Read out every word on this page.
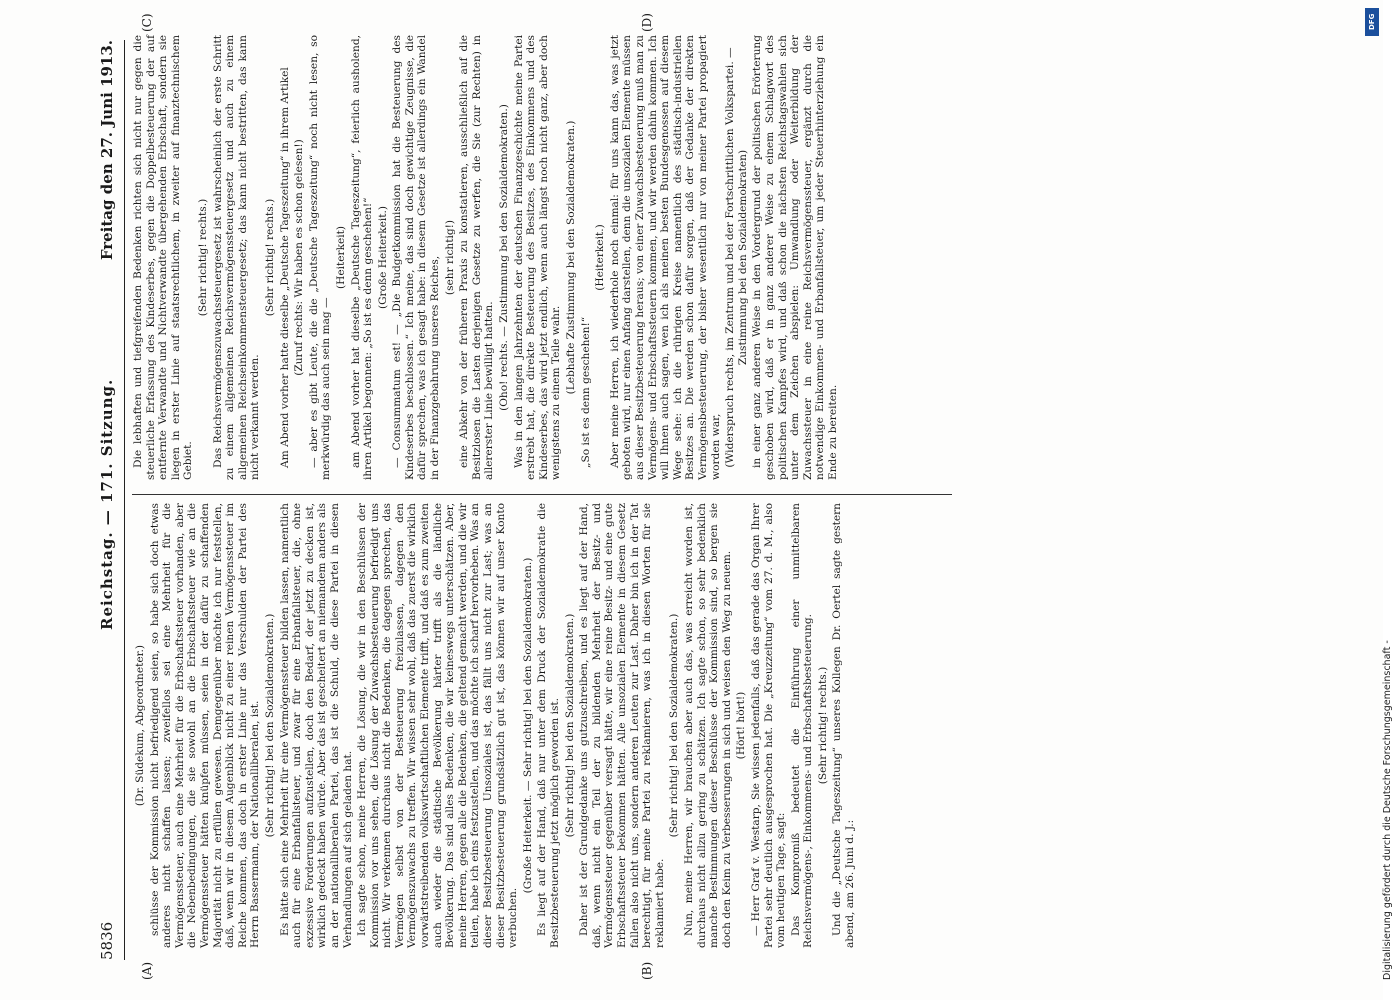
5836
Reichstag. — 171. Sitzung.
Freitag den 27. Juni 1913.
(A)	(B)
(C)	(D)

(Dr. Südekum, Abgeordneter.) schlüsse der Kommission nicht befriedigend seien, so habe sich doch etwas anderes nicht schaffen lassen; zweifellos sei eine Mehrheit für die Vermögenssteuer, auch eine Mehrheit für die Erbschaftssteuer vorhanden, aber die Nebenbedingungen, die sie sowohl an die Erbschaftssteuer wie an die Vermögenssteuer hätten knüpfen müssen, seien in der dafür zu schaffenden Majorität nicht zu erfüllen gewesen. Demgegenüber möchte ich nur feststellen, daß, wenn wir in diesem Augenblick nicht zu einer reinen Vermögenssteuer im Reiche kommen, das doch in erster Linie nur das Verschulden der Partei des Herrn Bassermann, der Nationalliberalen, ist. (Sehr richtig! bei den Sozialdemokraten.) Es hätte sich eine Mehrheit für eine Vermögenssteuer bilden lassen, namentlich auch für eine Erbanfallsteuer, und zwar für eine Erbanfallsteuer, die, ohne exzessive Forderungen aufzustellen, doch den Bedarf, der jetzt zu decken ist, wirklich gedeckt haben würde. Aber das ist gescheitert an niemandem anders als an der nationalliberalen Partei, das ist die Schuld, die diese Partei in diesen Verhandlungen auf sich geladen hat. Ich sagte schon, meine Herren, die Lösung, die wir in den Beschlüssen der Kommission vor uns sehen, die Lösung der Zuwachsbesteuerung befriedigt uns nicht. Wir verkennen durchaus nicht die Bedenken, die dagegen sprechen, das Vermögen selbst von der Besteuerung freizulassen, dagegen den Vermögenszuwachs zu treffen. Wir wissen sehr wohl, daß das zuerst die wirklich vorwärtstreibenden volkswirtschaftlichen Elemente trifft, und daß es zum zweiten auch wieder die städtische Bevölkerung härter trifft als die ländliche Bevölkerung. Das sind alles Bedenken, die wir keineswegs unterschätzen. Aber, meine Herren, gegen alle die Bedenken, die geltend gemacht werden, und die wir teilen, habe ich eins festzustellen, und das möchte ich scharf hervorheben. Was an dieser Besitzbesteuerung Unsoziales ist, das fällt uns nicht zur Last; was an dieser Besitzbesteuerung grundsätzlich gut ist, das können wir auf unser Konto verbuchen.

(Große Heiterkeit. — Sehr richtig! bei den Sozialdemokraten.) Es liegt auf der Hand, daß nur unter dem Druck der Sozialdemokratie die Besitzbesteuerung jetzt möglich geworden ist. (Sehr richtig! bei den Sozialdemokraten.) Daher ist der Grundgedanke uns gutzuschreiben, und es liegt auf der Hand, daß, wenn nicht ein Teil der zu bildenden Mehrheit der Besitz- und Vermögenssteuer gegenüber versagt hätte, wir eine reine Besitz- und eine gute Erbschaftssteuer bekommen hätten. Alle unsozialen Elemente in diesem Gesetz fallen also nicht uns, sondern anderen Leuten zur Last. Daher bin ich in der Tat berechtigt, für meine Partei zu reklamieren, was ich in diesen Worten für sie reklamiert habe.

(Sehr richtig! bei den Sozialdemokraten.) Nun, meine Herren, wir brauchen aber auch das, was erreicht worden ist, durchaus nicht allzu gering zu schätzen. Ich sagte schon, so sehr bedenklich manche Bestimmungen dieser Beschlüsse der Kommission sind, so bergen sie doch den Keim zu Verbesserungen in sich und weisen den Weg zu neuem. (Hört! hört!) — Herr Graf v. Westarp, Sie wissen jedenfalls, daß das gerade das Organ Ihrer Partei sehr deutlich ausgesprochen hat. Die „Kreuzzeitung“ vom 27. d. M., also vom heutigen Tage, sagt: Das Kompromiß bedeutet die Einführung einer unmittelbaren Reichsvermögens-, Einkommens- und Erbschaftsbesteuerung. (Sehr richtig! rechts.) Und die „Deutsche Tageszeitung“ unseres Kollegen Dr. Oertel sagte gestern abend, am 26. Juni d. J.:

Die lebhaften und tiefgreifenden Bedenken richten sich nicht nur gegen die steuerliche Erfassung des Kindeserbes, gegen die Doppelbesteuerung der auf entfernte Verwandte und Nichtverwandte übergehenden Erbschaft, sondern sie liegen in erster Linie auf staatsrechtlichem, in zweiter auf finanztechnischem Gebiet.

(Sehr richtig! rechts.) Das Reichsvermögenszuwachssteuergesetz ist wahrscheinlich der erste Schritt zu einem allgemeinen Reichsvermögenssteuergesetz und auch zu einem allgemeinen Reichseinkommensteuergesetz; das kann nicht bestritten, das kann nicht verkannt werden.

(Sehr richtig! rechts.) Am Abend vorher hatte dieselbe „Deutsche Tageszeitung“ in ihrem Artikel (Zuruf rechts: Wir haben es schon gelesen!) — aber es gibt Leute, die die „Deutsche Tageszeitung“ noch nicht lesen, so merkwürdig das auch sein mag —

(Heiterkeit) am Abend vorher hat dieselbe „Deutsche Tageszeitung“, feierlich ausholend, ihren Artikel begonnen: „So ist es denn geschehen!“ (Große Heiterkeit.) — Consummatum est! — „Die Budgetkommission hat die Besteuerung des Kindeserbes beschlossen.“ Ich meine, das sind doch gewichtige Zeugnisse, die dafür sprechen, was ich gesagt habe: in diesem Gesetze ist allerdings ein Wandel in der Finanzgebahrung unseres Reiches, (sehr richtig!) eine Abkehr von der früheren Praxis zu konstatieren, ausschließlich auf die Besitzlosen die Lasten derjenigen Gesetze zu werfen, die Sie (zur Rechten) in allererster Linie bewilligt hatten. (Oho! rechts. — Zustimmung bei den Sozialdemokraten.) Was in den langen Jahrzehnten der deutschen Finanzgeschichte meine Partei erstrebt hat, die direkte Besteuerung des Besitzes, des Einkommens und des Kindeserbes, das wird jetzt endlich, wenn auch längst noch nicht ganz, aber doch wenigstens zu einem Teile wahr. (Lebhafte Zustimmung bei den Sozialdemokraten.) „So ist es denn geschehen!“

(Heiterkeit.) Aber meine Herren, ich wiederhole noch einmal: für uns kann das, was jetzt geboten wird, nur einen Anfang darstellen, denn die unsozialen Elemente müssen aus dieser Besitzbesteuerung heraus; von einer Zuwachsbesteuerung muß man zu Vermögens- und Erbschaftssteuern kommen, und wir werden dahin kommen. Ich will Ihnen auch sagen, wen ich als meinen besten Bundesgenossen auf diesem Wege sehe: ich die rührigen Kreise namentlich des städtisch-industriellen Besitzes an. Die werden schon dafür sorgen, daß der Gedanke der direkten Vermögensbesteuerung, der bisher wesentlich nur von meiner Partei propagiert worden war, (Widerspruch rechts, im Zentrum und bei der Fortschrittlichen Volkspartei. — Zustimmung bei den Sozialdemokraten) in einer ganz anderen Weise in den Vordergrund der politischen Erörterung geschoben wird, daß er in ganz anderer Weise zu einem Schlagwort des politischen Kampfes wird, und daß schon die nächsten Reichstagswahlen sich unter dem Zeichen abspielen: Umwandlung oder Weiterbildung der Zuwachssteuer in eine reine Reichsvermögenssteuer, ergänzt durch die notwendige Einkommen- und Erbanfallsteuer, um jeder Steuerhinterziehung ein Ende zu bereiten.

DFG
Digitalisierung gefördert durch die Deutsche Forschungsgemeinschaft -
